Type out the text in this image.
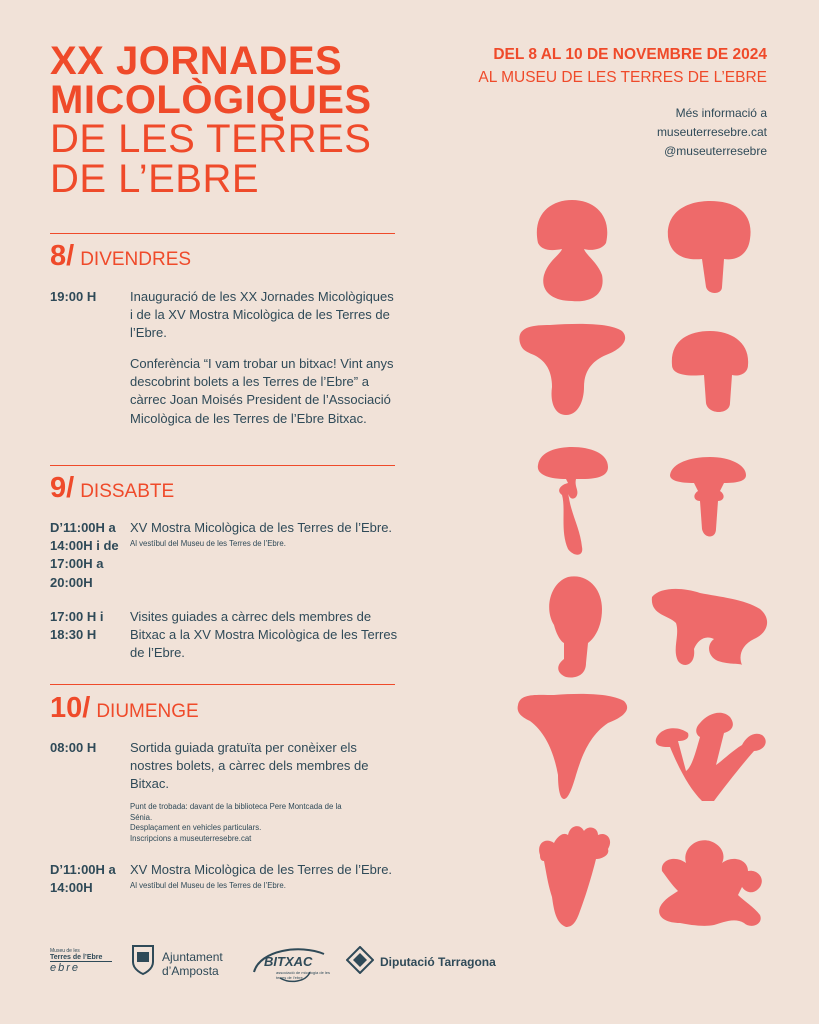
XX JORNADES
MICOLÒGIQUES
DE LES TERRES
DE L’EBRE
DEL 8 AL 10 DE NOVEMBRE DE 2024
AL MUSEU DE LES TERRES DE L’EBRE
Més informació a
museuterresebre.cat
@museuterresebre
8/ DIVENDRES
19:00 H	Inauguració de les XX Jornades Micològiques i de la XV Mostra Micològica de les Terres de l’Ebre.
Conferència “I vam trobar un bitxac! Vint anys descobrint bolets a les Terres de l’Ebre” a càrrec Joan Moisés President de l’Associació Micològica de les Terres de l’Ebre Bitxac.
9/ DISSABTE
D’11:00H a 14:00H i de 17:00H a 20:00H
XV Mostra Micològica de les Terres de l’Ebre.
Al vestíbul del Museu de les Terres de l’Ebre.
17:00 H i 18:30 H
Visites guiades a càrrec dels membres de Bitxac a la XV Mostra Micològica de les Terres de l’Ebre.
10/ DIUMENGE
08:00 H	Sortida guiada gratuïta per conèixer els nostres bolets, a càrrec dels membres de Bitxac.
Punt de trobada: davant de la biblioteca Pere Montcada de la Sénia.
Desplaçament en vehicles particulars.
Inscripcions a museuterresebre.cat
D’11:00H a 14:00H
XV Mostra Micològica de les Terres de l’Ebre.
Al vestíbul del Museu de les Terres de l’Ebre.
Museu de les
Terres de l’Ebre
ebre
Ajuntament
d’Amposta
BITXAC
associació de micologia de les terres de l’ebre
Diputació Tarragona
